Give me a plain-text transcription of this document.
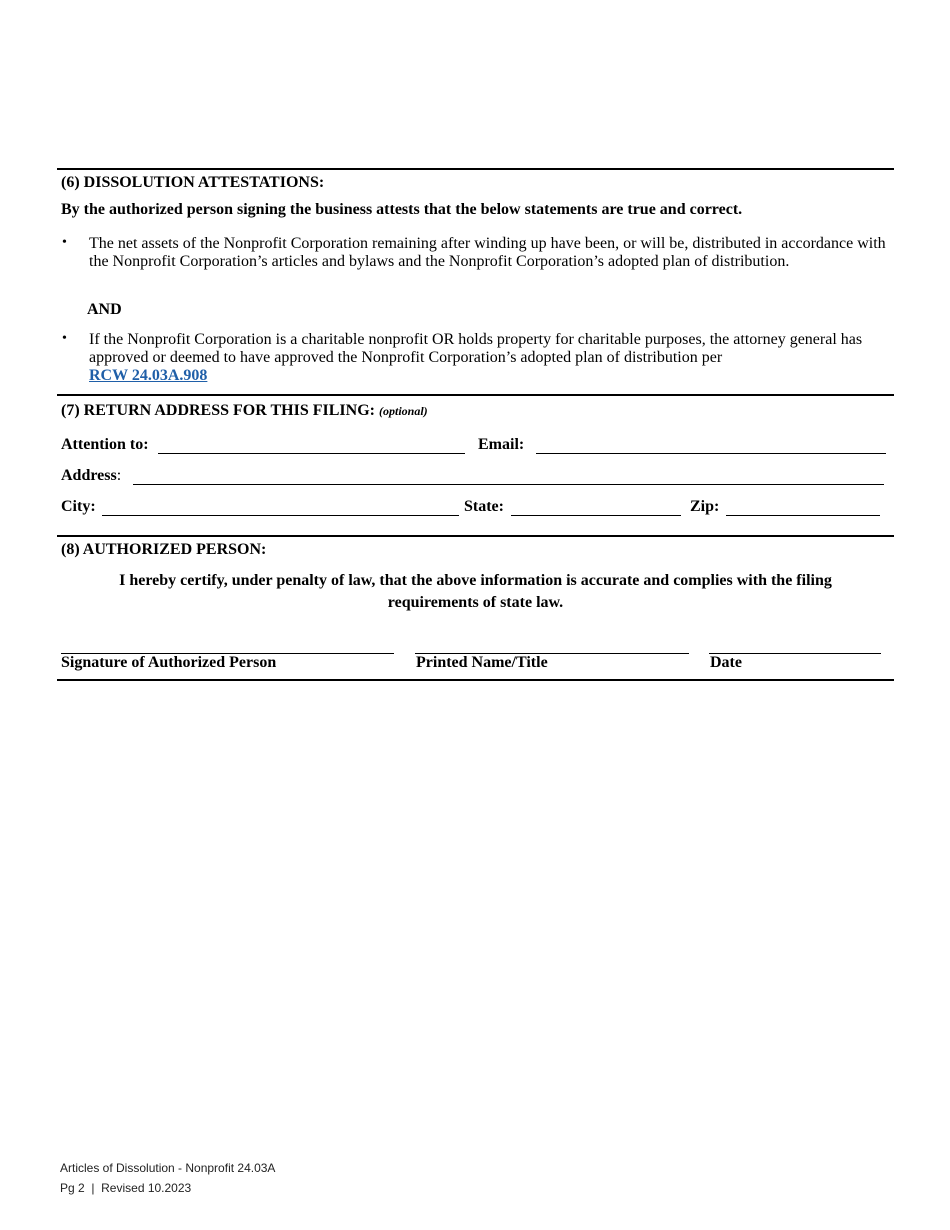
(6) DISSOLUTION ATTESTATIONS:
By the authorized person signing the business attests that the below statements are true and correct.
• The net assets of the Nonprofit Corporation remaining after winding up have been, or will be, distributed in accordance with the Nonprofit Corporation’s articles and bylaws and the Nonprofit Corporation’s adopted plan of distribution.
AND
• If the Nonprofit Corporation is a charitable nonprofit OR holds property for charitable purposes, the attorney general has approved or deemed to have approved the Nonprofit Corporation’s adopted plan of distribution per
RCW 24.03A.908
(7) RETURN ADDRESS FOR THIS FILING: (optional)
Attention to:	Email:
Address:
City:	State:	Zip:
(8) AUTHORIZED PERSON:
I hereby certify, under penalty of law, that the above information is accurate and complies with the filing
requirements of state law.
Signature of Authorized Person	Printed Name/Title	Date
Articles of Dissolution - Nonprofit 24.03A
Pg 2  |  Revised 10.2023
